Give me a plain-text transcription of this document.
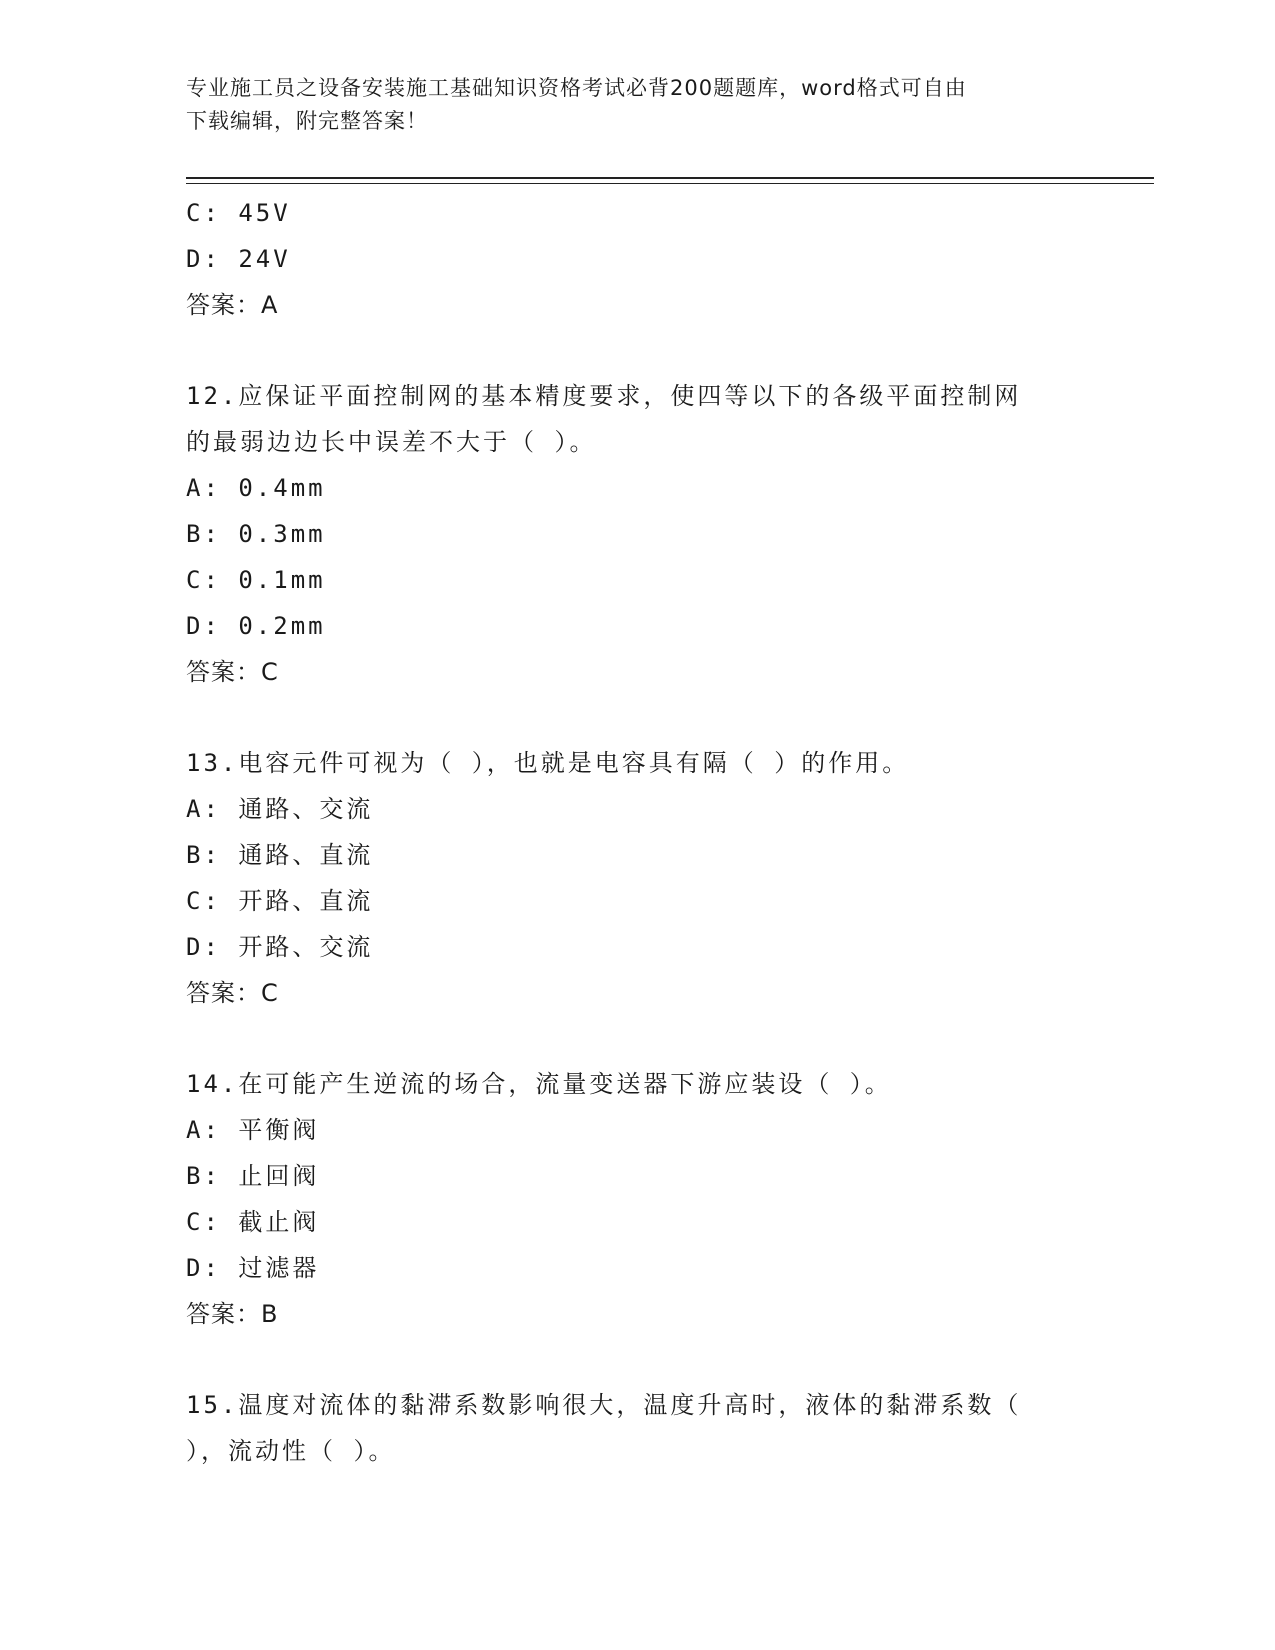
专业施工员之设备安装施工基础知识资格考试必背200题题库，word格式可自由
下载编辑，附完整答案！
C: 45V
D: 24V
答案：A
12.应保证平面控制网的基本精度要求，使四等以下的各级平面控制网
的最弱边边长中误差不大于（ ）。
A: 0.4mm
B: 0.3mm
C: 0.1mm
D: 0.2mm
答案：C
13.电容元件可视为（ ），也就是电容具有隔（ ）的作用。
A: 通路、交流
B: 通路、直流
C: 开路、直流
D: 开路、交流
答案：C
14.在可能产生逆流的场合，流量变送器下游应装设（ ）。
A: 平衡阀
B: 止回阀
C: 截止阀
D: 过滤器
答案：B
15.温度对流体的黏滞系数影响很大，温度升高时，液体的黏滞系数（
），流动性（ ）。
